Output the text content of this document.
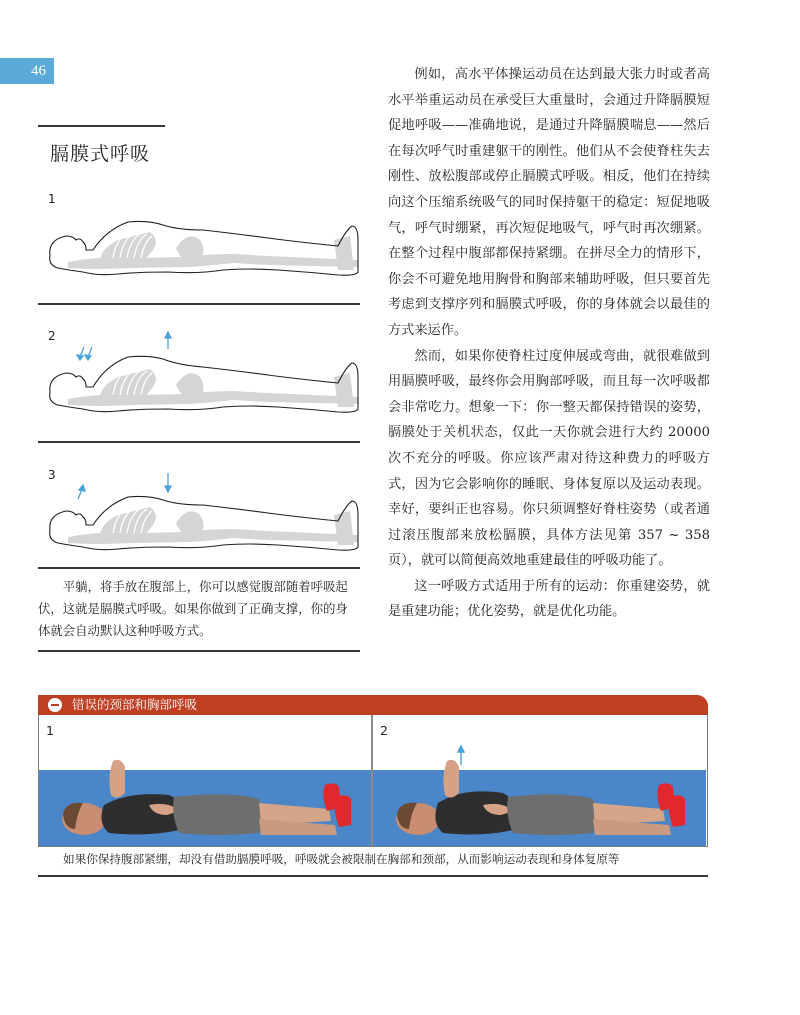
46
膈膜式呼吸
1
2
3
平躺，将手放在腹部上，你可以感觉腹部随着呼吸起伏，这就是膈膜式呼吸。如果你做到了正确支撑，你的身体就会自动默认这种呼吸方式。

例如，高水平体操运动员在达到最大张力时或者高水平举重运动员在承受巨大重量时，会通过升降膈膜短促地呼吸——准确地说，是通过升降膈膜喘息——然后在每次呼气时重建躯干的刚性。他们从不会使脊柱失去刚性、放松腹部或停止膈膜式呼吸。相反，他们在持续向这个压缩系统吸气的同时保持躯干的稳定：短促地吸气，呼气时绷紧，再次短促地吸气，呼气时再次绷紧。在整个过程中腹部都保持紧绷。在拼尽全力的情形下，你会不可避免地用胸骨和胸部来辅助呼吸，但只要首先考虑到支撑序列和膈膜式呼吸，你的身体就会以最佳的方式来运作。

然而，如果你使脊柱过度伸展或弯曲，就很难做到用膈膜呼吸，最终你会用胸部呼吸，而且每一次呼吸都会非常吃力。想象一下：你一整天都保持错误的姿势，膈膜处于关机状态，仅此一天你就会进行大约 20000 次不充分的呼吸。你应该严肃对待这种费力的呼吸方式，因为它会影响你的睡眠、身体复原以及运动表现。幸好，要纠正也容易。你只须调整好脊柱姿势（或者通过滚压腹部来放松膈膜，具体方法见第 357 ~ 358 页），就可以简便高效地重建最佳的呼吸功能了。

这一呼吸方式适用于所有的运动：你重建姿势，就是重建功能；优化姿势，就是优化功能。

错误的颈部和胸部呼吸
1	2
如果你保持腹部紧绷，却没有借助膈膜呼吸，呼吸就会被限制在胸部和颈部，从而影响运动表现和身体复原等
